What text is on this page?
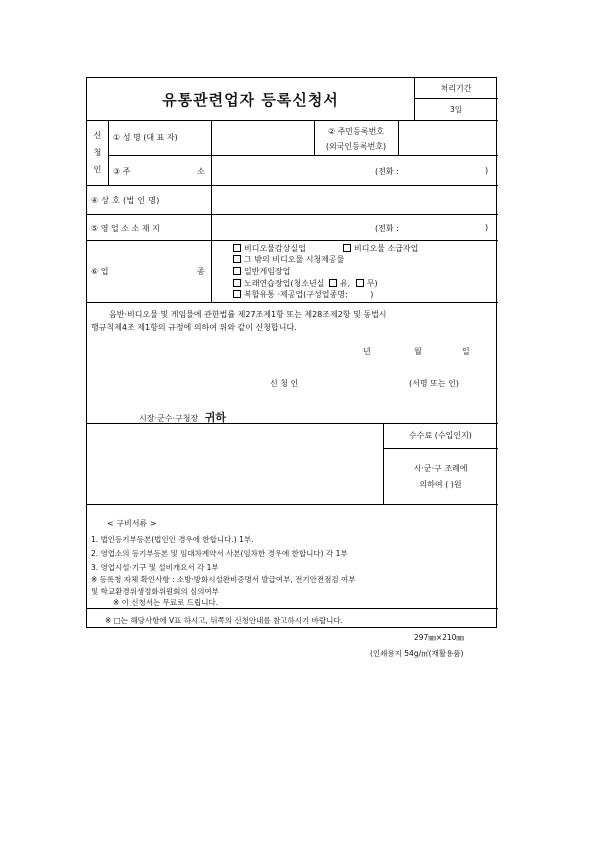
유통관련업자 등록신청서
처리기간
3일
신
청
인
① 성 명 (대 표 자)
② 주민등록번호
(외국인등록번호)
③ 주	소	(전화 :	)
④ 상 호 (법 인 명)
⑤ 영 업 소 소 재 지	(전화 :	)
⑥ 업	종
비디오물감상실업	비디오물 소급자업
그 밖의 비디오물 시청제공물
일반게임장업
노래연습장업(청소년실 유, 무)
복합유통 ·제공업(구성업종명:	)
음반·비디오물 및 게임물에 관한법률 제27조제1항 또는 제28조제2항 및 동법시
행규칙제4조 제1항의 규정에 의하여 위와 같이 신청합니다.
년	월	일
신 청 인	(서명 또는 인)
시장·군수·구청장 귀하
수수료 (수입인지)
시·군·구 조례에
의하여 ( )원
< 구비서류 >
1. 법인등기부등본(법인인 경우에 한합니다.) 1부.
2. 영업소의 등기부등본 및 임대차계약서 사본(임차한 경우에 한합니다) 각 1부
3. 영업시설·기구 및 설비개요서 각 1부
※ 등록청 자체 확인사항 : 소방·방화시설완비증명서 발급여부, 전기안전점검 여부
및 학교환경위생정화위원회의 심의여부
※ 이 신청서는 무료로 드립니다.
※ □는 해당사항에 V표 하시고, 뒤쪽의 신청안내를 참고하시기 바랍니다.
297㎜×210㎜
(인쇄용지 54g/㎡(재활용품)
